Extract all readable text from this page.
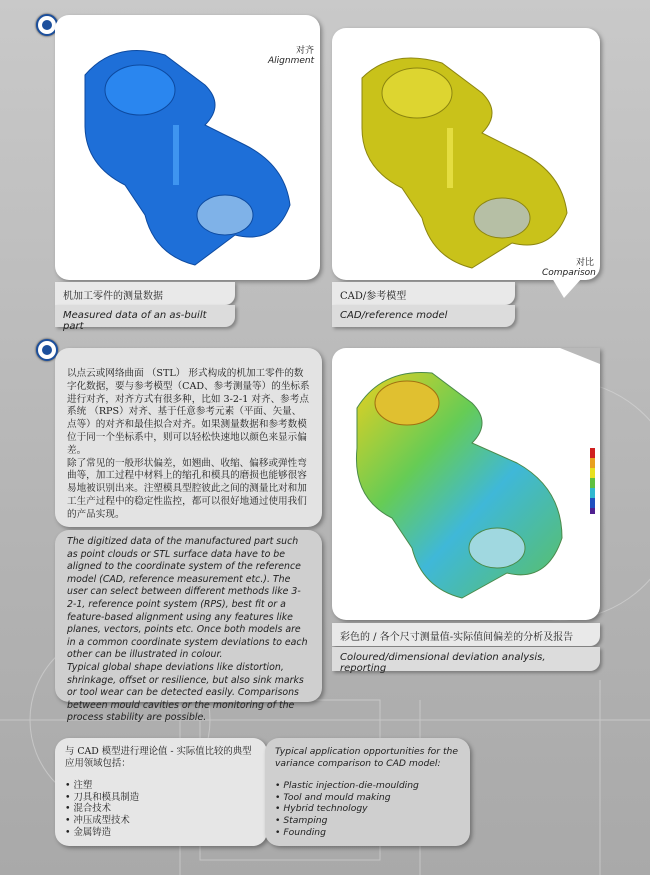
机加工零件的测量数据
Measured data of an as-built part
对齐
Alignment
对比
Comparison
CAD/参考模型
CAD/reference model
以点云或网络曲面 （STL） 形式构成的机加工零件的数字化数据，要与参考模型（CAD、参考测量等）的坐标系进行对齐，对齐方式有很多种，比如 3-2-1 对齐、参考点系统 （RPS）对齐、基于任意参考元素（平面、矢量、点等）的对齐和最佳拟合对齐。如果测量数据和参考数模位于同一个坐标系中，则可以轻松快速地以颜色来显示偏差。
除了常见的一般形状偏差，如翘曲、收缩、偏移或弹性弯曲等，加工过程中材料上的缩孔和模具的磨损也能够很容易地被识别出来。注塑模具型腔彼此之间的测量比对和加工生产过程中的稳定性监控，都可以很好地通过使用我们的产品实现。
The digitized data of the manufactured part such as point clouds or STL surface data have to be aligned to the coordinate system of the reference model (CAD, reference measurement etc.). The user can select between different methods like 3-2-1, reference point system (RPS), best fit or a feature-based alignment using any features like planes, vectors, points etc. Once both models are in a common coordinate system deviations to each other can be illustrated in colour.
Typical global shape deviations like distortion, shrinkage, offset or resilience, but also sink marks or tool wear can be detected easily. Comparisons between mould cavities or the monitoring of the process stability are possible.
彩色的 / 各个尺寸测量值-实际值间偏差的分析及报告
Coloured/dimensional deviation analysis, reporting
与 CAD 模型进行理论值 - 实际值比较的典型应用领域包括：
• 注塑
• 刀具和模具制造
• 混合技术
• 冲压成型技术
• 金属铸造
Typical application opportunities for the variance comparison to CAD model:
• Plastic injection-die-moulding
• Tool and mould making
• Hybrid technology
• Stamping
• Founding
